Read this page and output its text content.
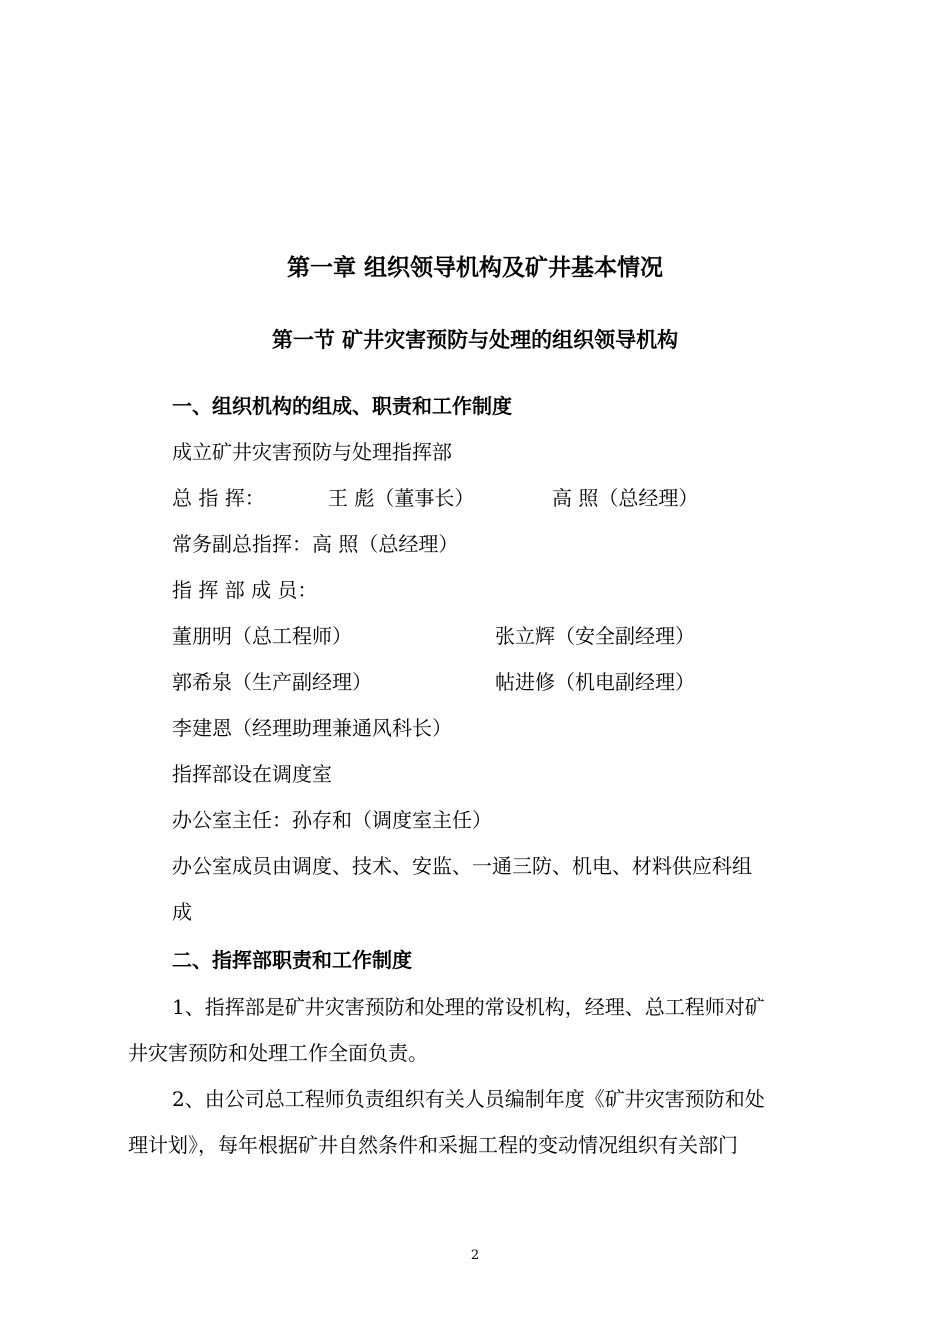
第一章 组织领导机构及矿井基本情况
第一节 矿井灾害预防与处理的组织领导机构
一、组织机构的组成、职责和工作制度
成立矿井灾害预防与处理指挥部
总 指 挥：	王 彪（董事长）	高 照（总经理）
常务副总指挥：高 照（总经理）
指 挥 部 成 员：
董朋明（总工程师）	张立辉（安全副经理）
郭希泉（生产副经理）	帖进修（机电副经理）
李建恩（经理助理兼通风科长）
指挥部设在调度室
办公室主任：孙存和（调度室主任）
办公室成员由调度、技术、安监、一通三防、机电、材料供应科组
成
二、指挥部职责和工作制度
1、指挥部是矿井灾害预防和处理的常设机构，经理、总工程师对矿
井灾害预防和处理工作全面负责。
2、由公司总工程师负责组织有关人员编制年度《矿井灾害预防和处
理计划》，每年根据矿井自然条件和采掘工程的变动情况组织有关部门
2
